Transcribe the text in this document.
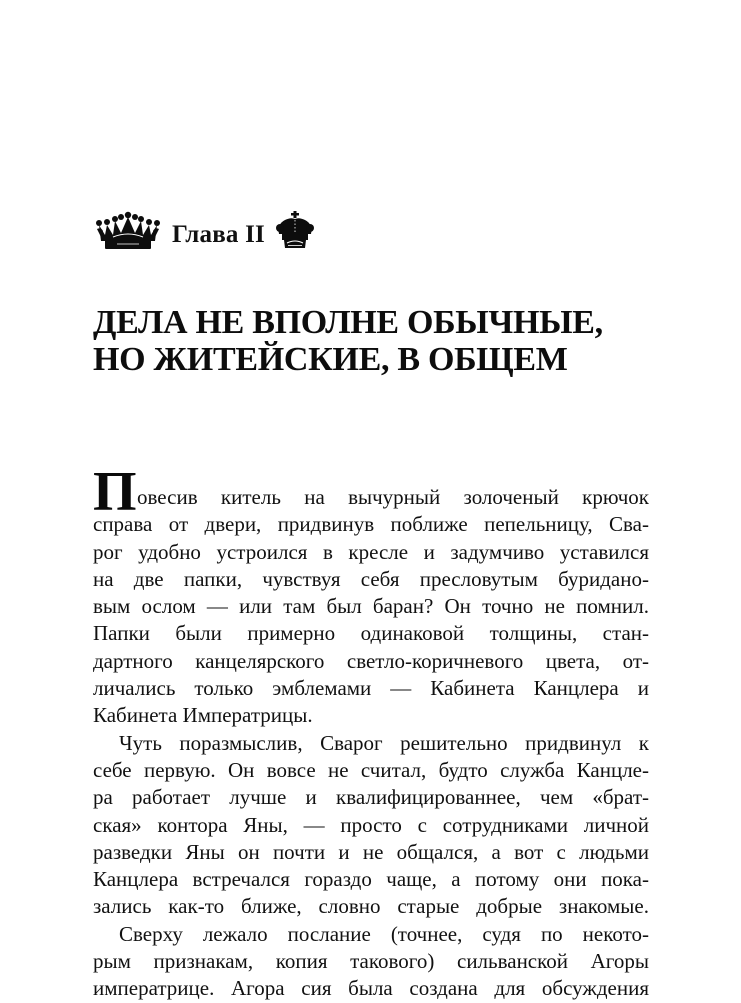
Глава II
ДЕЛА НЕ ВПОЛНЕ ОБЫЧНЫЕ,
НО ЖИТЕЙСКИЕ, В ОБЩЕМ
П овесив китель на вычурный золоченый крючок
справа от двери, придвинув поближе пепельницу, Сва-
рог удобно устроился в кресле и задумчиво уставился
на две папки, чувствуя себя пресловутым буридано-
вым ослом — или там был баран? Он точно не помнил.
Папки были примерно одинаковой толщины, стан-
дартного канцелярского светло-коричневого цвета, от-
личались только эмблемами — Кабинета Канцлера и
Кабинета Императрицы.
Чуть поразмыслив, Сварог решительно придвинул к
себе первую. Он вовсе не считал, будто служба Канцле-
ра работает лучше и квалифицированнее, чем «брат-
ская» контора Яны, — просто с сотрудниками личной
разведки Яны он почти и не общался, а вот с людьми
Канцлера встречался гораздо чаще, а потому они пока-
зались как-то ближе, словно старые добрые знакомые.
Сверху лежало послание (точнее, судя по некото-
рым признакам, копия такового) сильванской Агоры
императрице. Агора сия была создана для обсуждения
